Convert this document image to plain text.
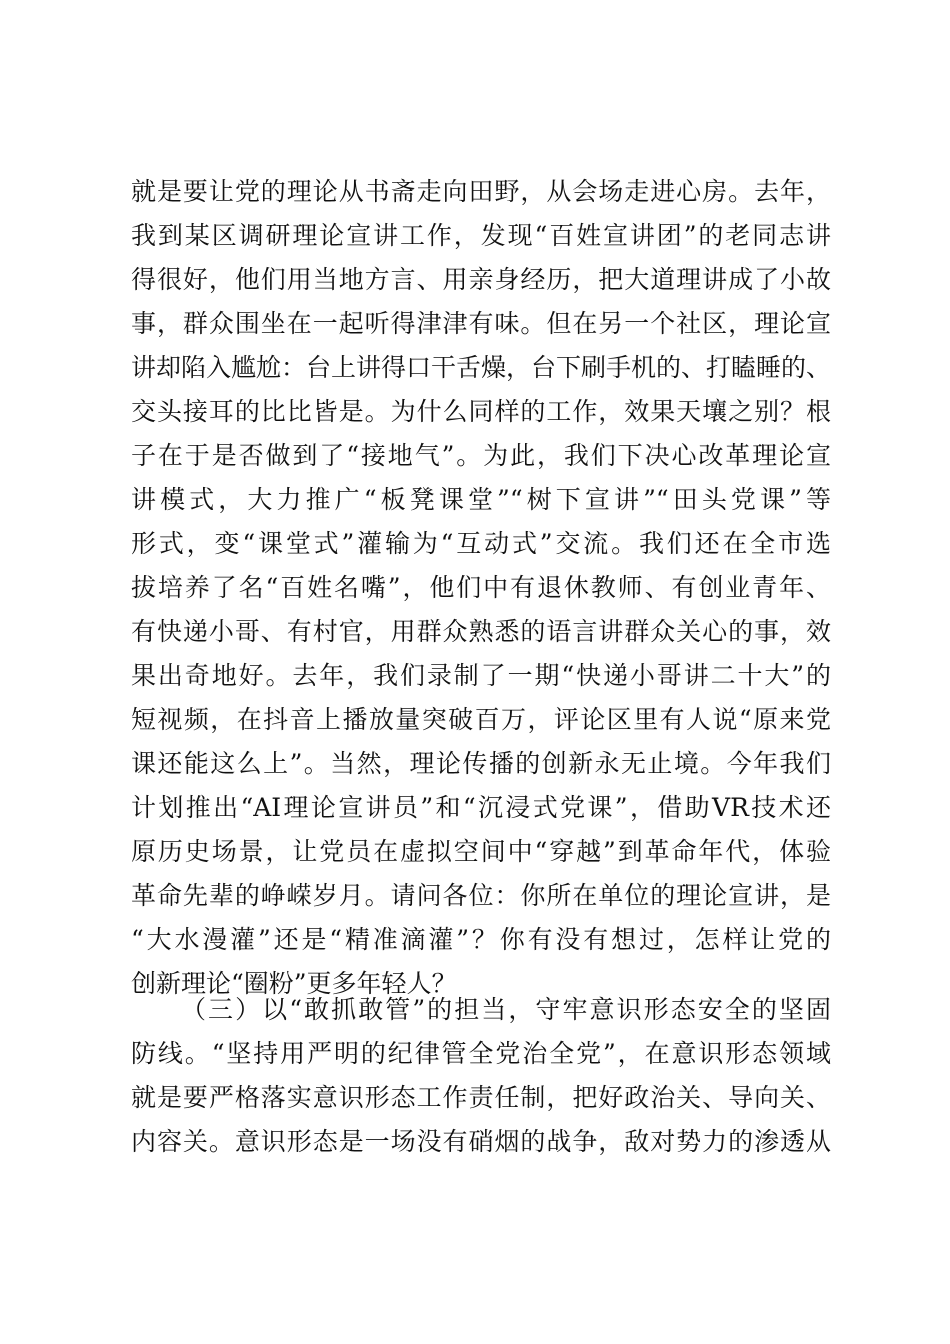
就是要让党的理论从书斋走向田野，从会场走进心房。去年，
我到某区调研理论宣讲工作，发现“百姓宣讲团”的老同志讲
得很好，他们用当地方言、用亲身经历，把大道理讲成了小故
事，群众围坐在一起听得津津有味。但在另一个社区，理论宣
讲却陷入尴尬：台上讲得口干舌燥，台下刷手机的、打瞌睡的、
交头接耳的比比皆是。为什么同样的工作，效果天壤之别？根
子在于是否做到了“接地气”。为此，我们下决心改革理论宣
讲模式，大力推广“板凳课堂”“树下宣讲”“田头党课”等
形式，变“课堂式”灌输为“互动式”交流。我们还在全市选
拔培养了名“百姓名嘴”，他们中有退休教师、有创业青年、
有快递小哥、有村官，用群众熟悉的语言讲群众关心的事，效
果出奇地好。去年，我们录制了一期“快递小哥讲二十大”的
短视频，在抖音上播放量突破百万，评论区里有人说“原来党
课还能这么上”。当然，理论传播的创新永无止境。今年我们
计划推出“AI理论宣讲员”和“沉浸式党课”，借助VR技术还
原历史场景，让党员在虚拟空间中“穿越”到革命年代，体验
革命先辈的峥嵘岁月。请问各位：你所在单位的理论宣讲，是
“大水漫灌”还是“精准滴灌”？你有没有想过，怎样让党的
创新理论“圈粉”更多年轻人？
（三）以“敢抓敢管”的担当，守牢意识形态安全的坚固
防线。“坚持用严明的纪律管全党治全党”，在意识形态领域
就是要严格落实意识形态工作责任制，把好政治关、导向关、
内容关。意识形态是一场没有硝烟的战争，敌对势力的渗透从
